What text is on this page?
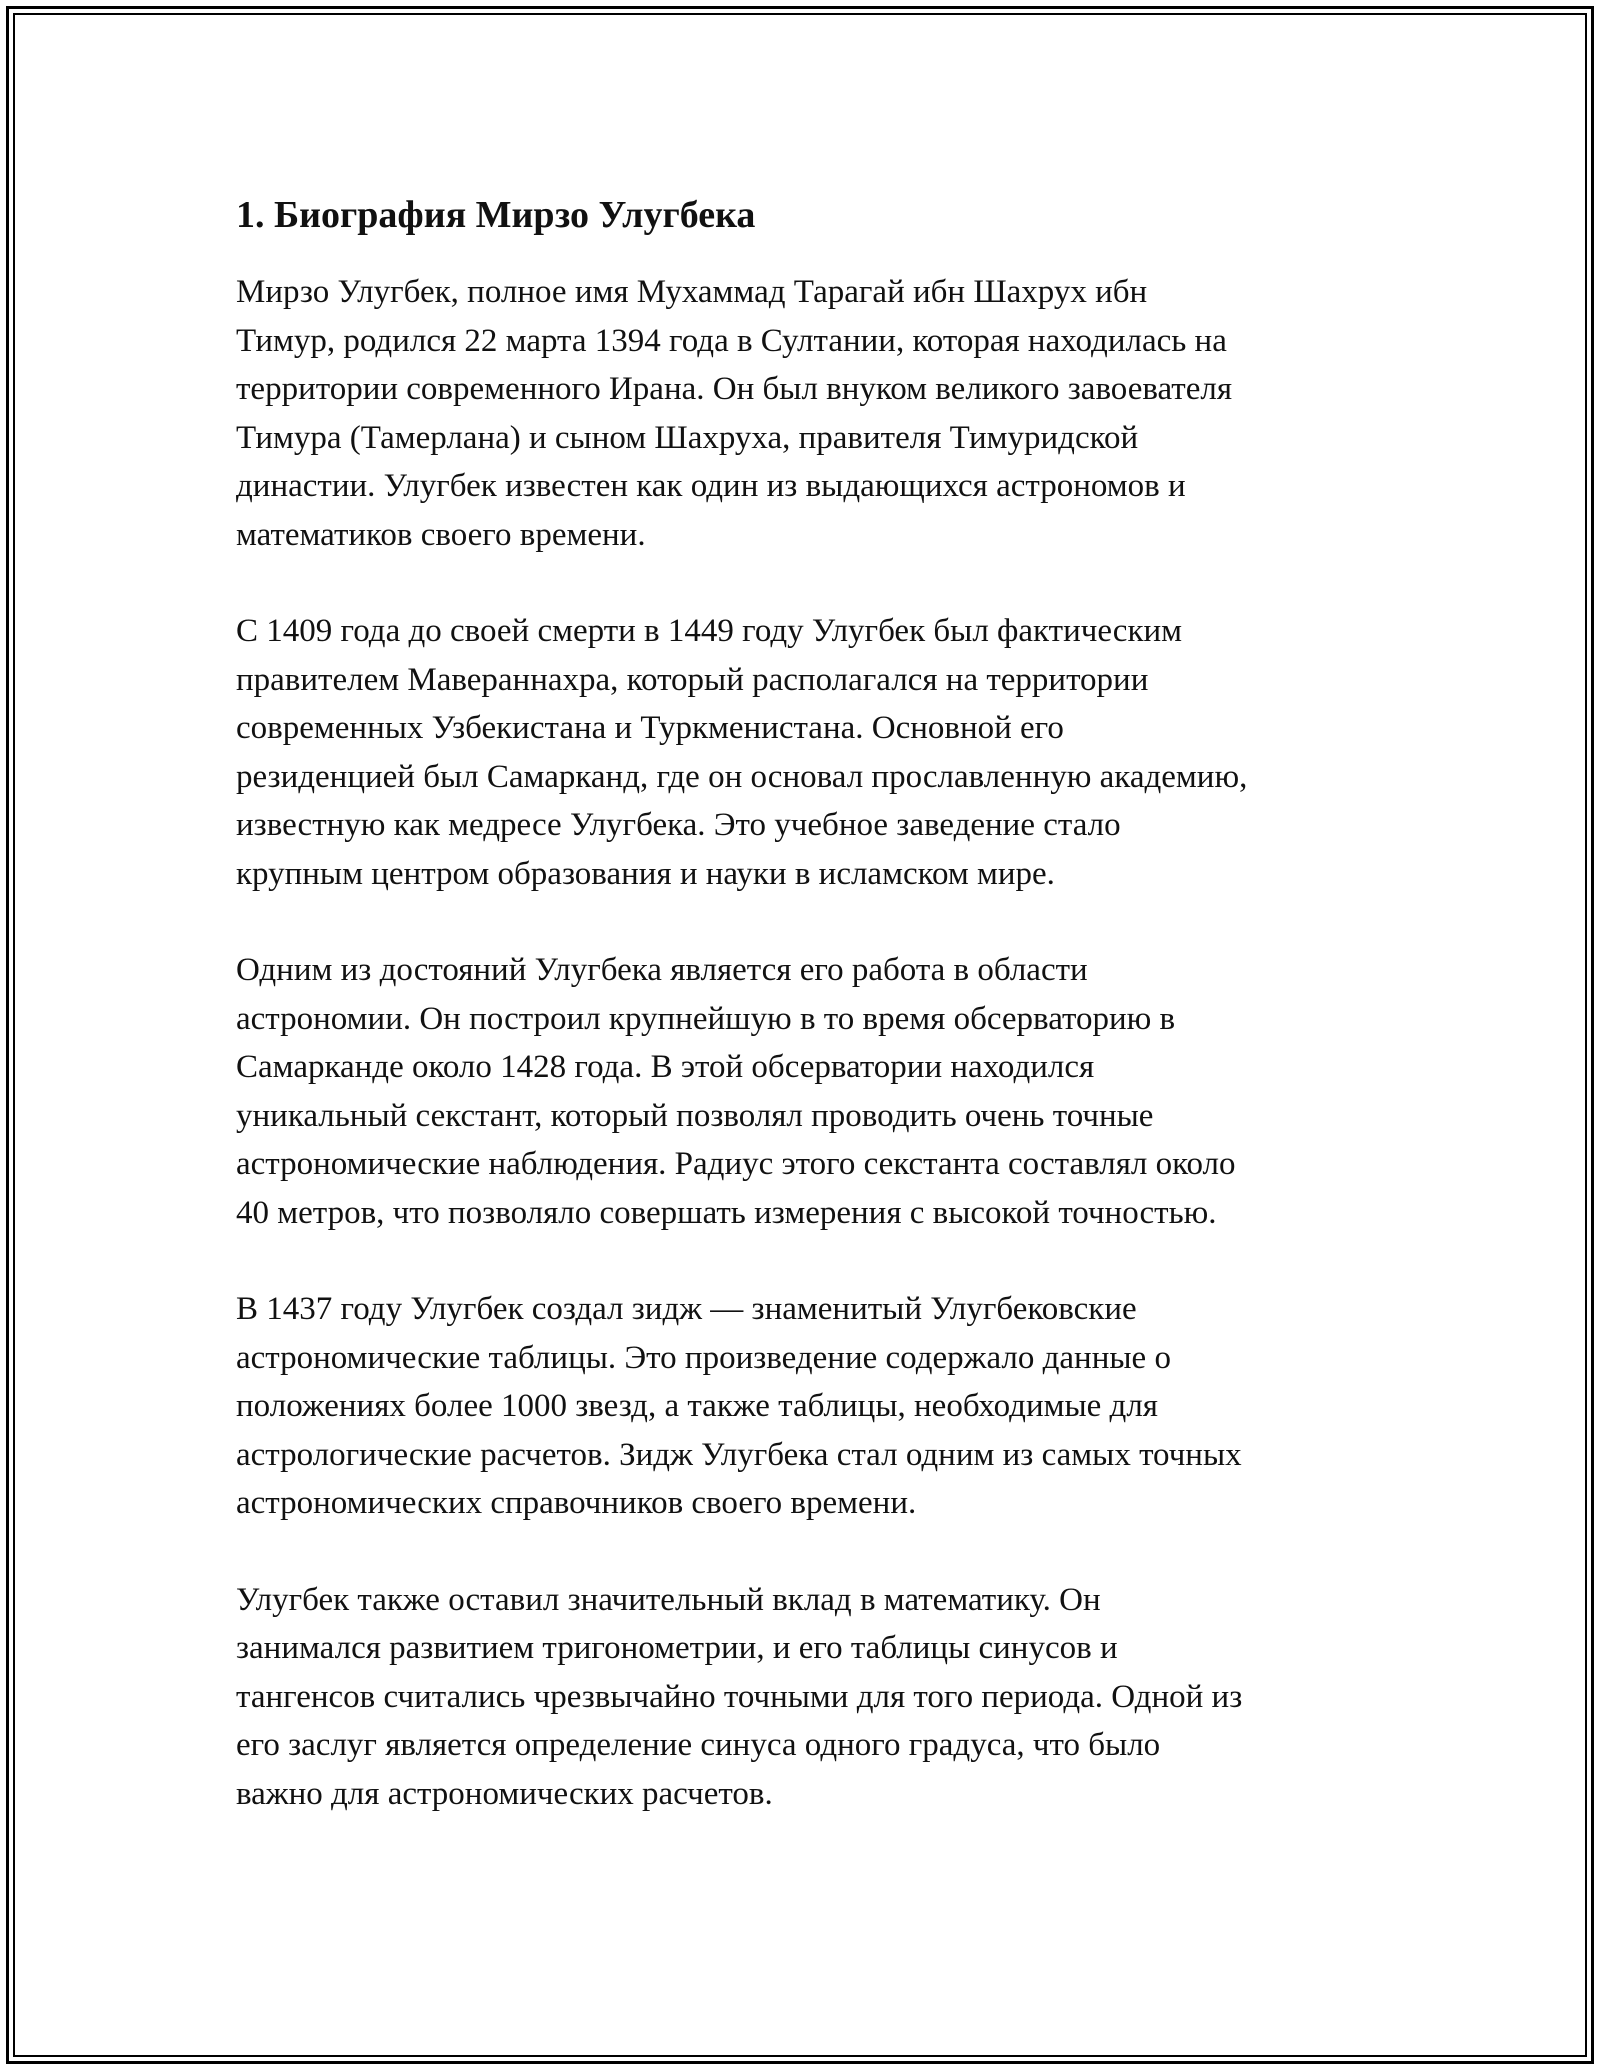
1. Биография Мирзо Улугбека

Мирзо Улугбек, полное имя Мухаммад Тарагай ибн Шахрух ибн
Тимур, родился 22 марта 1394 года в Султании, которая находилась на
территории современного Ирана. Он был внуком великого завоевателя
Тимура (Тамерлана) и сыном Шахруха, правителя Тимуридской
династии. Улугбек известен как один из выдающихся астрономов и
математиков своего времени.

С 1409 года до своей смерти в 1449 году Улугбек был фактическим
правителем Мавераннахра, который располагался на территории
современных Узбекистана и Туркменистана. Основной его
резиденцией был Самарканд, где он основал прославленную академию,
известную как медресе Улугбека. Это учебное заведение стало
крупным центром образования и науки в исламском мире.

Одним из достояний Улугбека является его работа в области
астрономии. Он построил крупнейшую в то время обсерваторию в
Самарканде около 1428 года. В этой обсерватории находился
уникальный секстант, который позволял проводить очень точные
астрономические наблюдения. Радиус этого секстанта составлял около
40 метров, что позволяло совершать измерения с высокой точностью.

В 1437 году Улугбек создал зидж — знаменитый Улугбековские
астрономические таблицы. Это произведение содержало данные о
положениях более 1000 звезд, а также таблицы, необходимые для
астрологические расчетов. Зидж Улугбека стал одним из самых точных
астрономических справочников своего времени.

Улугбек также оставил значительный вклад в математику. Он
занимался развитием тригонометрии, и его таблицы синусов и
тангенсов считались чрезвычайно точными для того периода. Одной из
его заслуг является определение синуса одного градуса, что было
важно для астрономических расчетов.
